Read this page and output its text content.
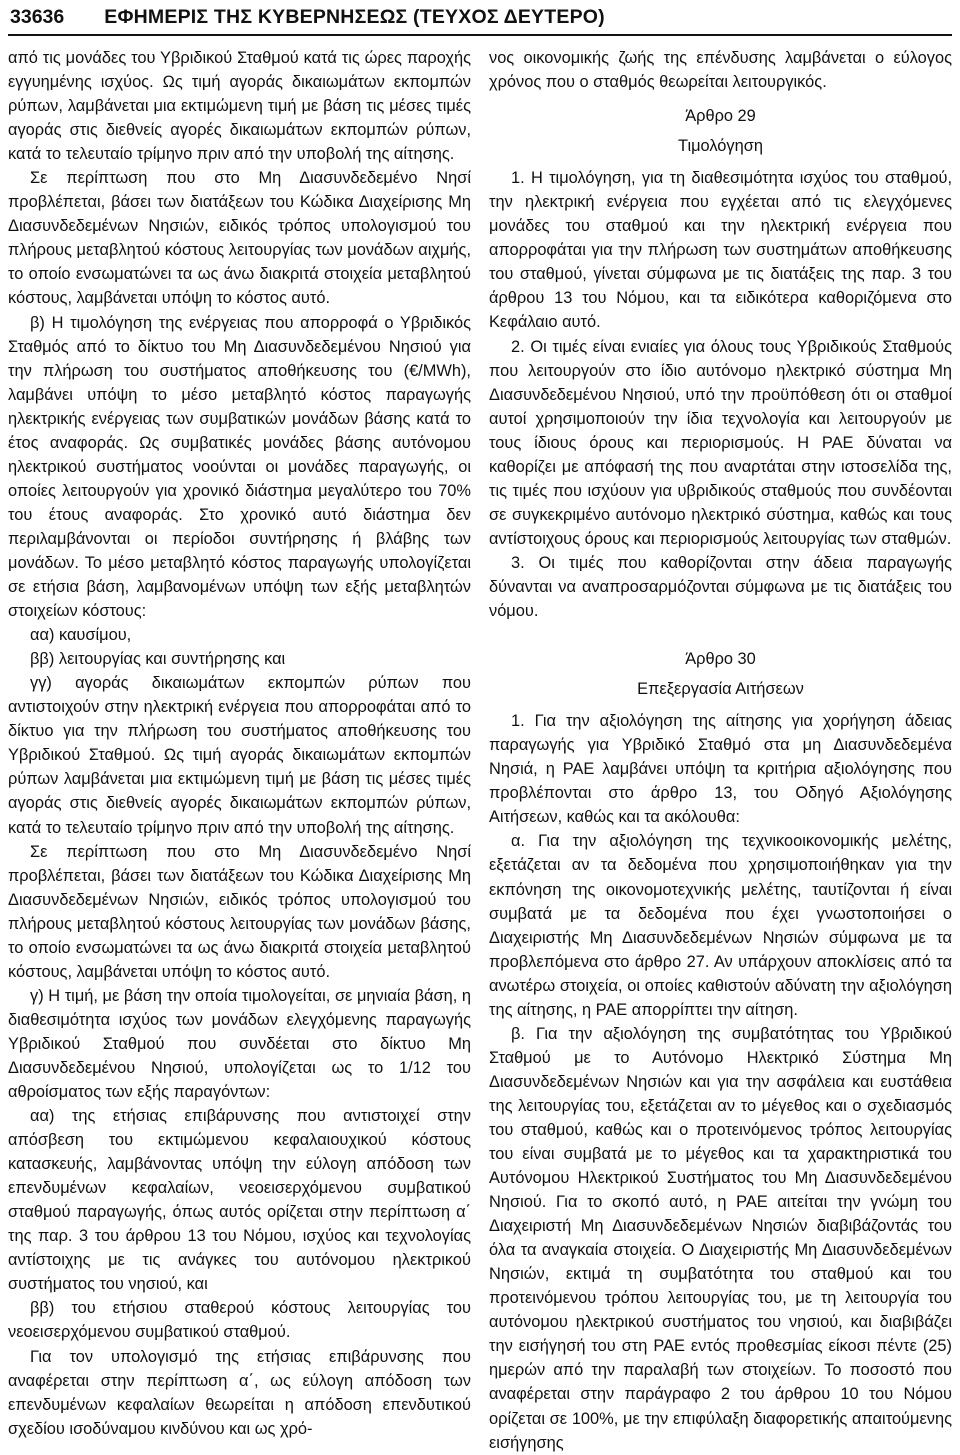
33636 ΕΦΗΜΕΡΙΣ ΤΗΣ ΚΥΒΕΡΝΗΣΕΩΣ (ΤΕΥΧΟΣ ΔΕΥΤΕΡΟ)

από τις μονάδες του Υβριδικού Σταθμού κατά τις ώρες παροχής εγγυημένης ισχύος. Ως τιμή αγοράς δικαιωμάτων εκπομπών ρύπων, λαμβάνεται μια εκτιμώμενη τιμή με βάση τις μέσες τιμές αγοράς στις διεθνείς αγορές δικαιωμάτων εκπομπών ρύπων, κατά το τελευταίο τρίμηνο πριν από την υποβολή της αίτησης.

Σε περίπτωση που στο Μη Διασυνδεδεμένο Νησί προβλέπεται, βάσει των διατάξεων του Κώδικα Διαχείρισης Μη Διασυνδεδεμένων Νησιών, ειδικός τρόπος υπολογισμού του πλήρους μεταβλητού κόστους λειτουργίας των μονάδων αιχμής, το οποίο ενσωματώνει τα ως άνω διακριτά στοιχεία μεταβλητού κόστους, λαμβάνεται υπόψη το κόστος αυτό.

β) Η τιμολόγηση της ενέργειας που απορροφά ο Υβριδικός Σταθμός από το δίκτυο του Μη Διασυνδεδεμένου Νησιού για την πλήρωση του συστήματος αποθήκευσης του (€/MWh), λαμβάνει υπόψη το μέσο μεταβλητό κόστος παραγωγής ηλεκτρικής ενέργειας των συμβατικών μονάδων βάσης κατά το έτος αναφοράς. Ως συμβατικές μονάδες βάσης αυτόνομου ηλεκτρικού συστήματος νοούνται οι μονάδες παραγωγής, οι οποίες λειτουργούν για χρονικό διάστημα μεγαλύτερο του 70% του έτους αναφοράς. Στο χρονικό αυτό διάστημα δεν περιλαμβάνονται οι περίοδοι συντήρησης ή βλάβης των μονάδων. Το μέσο μεταβλητό κόστος παραγωγής υπολογίζεται σε ετήσια βάση, λαμβανομένων υπόψη των εξής μεταβλητών στοιχείων κόστους:

αα) καυσίμου,

ββ) λειτουργίας και συντήρησης και

γγ) αγοράς δικαιωμάτων εκπομπών ρύπων που αντιστοιχούν στην ηλεκτρική ενέργεια που απορροφάται από το δίκτυο για την πλήρωση του συστήματος αποθήκευσης του Υβριδικού Σταθμού. Ως τιμή αγοράς δικαιωμάτων εκπομπών ρύπων λαμβάνεται μια εκτιμώμενη τιμή με βάση τις μέσες τιμές αγοράς στις διεθνείς αγορές δικαιωμάτων εκπομπών ρύπων, κατά το τελευταίο τρίμηνο πριν από την υποβολή της αίτησης.

Σε περίπτωση που στο Μη Διασυνδεδεμένο Νησί προβλέπεται, βάσει των διατάξεων του Κώδικα Διαχείρισης Μη Διασυνδεδεμένων Νησιών, ειδικός τρόπος υπολογισμού του πλήρους μεταβλητού κόστους λειτουργίας των μονάδων βάσης, το οποίο ενσωματώνει τα ως άνω διακριτά στοιχεία μεταβλητού κόστους, λαμβάνεται υπόψη το κόστος αυτό.

γ) Η τιμή, με βάση την οποία τιμολογείται, σε μηνιαία βάση, η διαθεσιμότητα ισχύος των μονάδων ελεγχόμενης παραγωγής Υβριδικού Σταθμού που συνδέεται στο δίκτυο Μη Διασυνδεδεμένου Νησιού, υπολογίζεται ως το 1/12 του αθροίσματος των εξής παραγόντων:

αα) της ετήσιας επιβάρυνσης που αντιστοιχεί στην απόσβεση του εκτιμώμενου κεφαλαιουχικού κόστους κατασκευής, λαμβάνοντας υπόψη την εύλογη απόδοση των επενδυμένων κεφαλαίων, νεοεισερχόμενου συμβατικού σταθμού παραγωγής, όπως αυτός ορίζεται στην περίπτωση α΄ της παρ. 3 του άρθρου 13 του Νόμου, ισχύος και τεχνολογίας αντίστοιχης με τις ανάγκες του αυτόνομου ηλεκτρικού συστήματος του νησιού, και

ββ) του ετήσιου σταθερού κόστους λειτουργίας του νεοεισερχόμενου συμβατικού σταθμού.

Για τον υπολογισμό της ετήσιας επιβάρυνσης που αναφέρεται στην περίπτωση α΄, ως εύλογη απόδοση των επενδυμένων κεφαλαίων θεωρείται η απόδοση επενδυτικού σχεδίου ισοδύναμου κινδύνου και ως χρό-

νος οικονομικής ζωής της επένδυσης λαμβάνεται ο εύλογος χρόνος που ο σταθμός θεωρείται λειτουργικός.

Άρθρο 29

Τιμολόγηση

1. Η τιμολόγηση, για τη διαθεσιμότητα ισχύος του σταθμού, την ηλεκτρική ενέργεια που εγχέεται από τις ελεγχόμενες μονάδες του σταθμού και την ηλεκτρική ενέργεια που απορροφάται για την πλήρωση των συστημάτων αποθήκευσης του σταθμού, γίνεται σύμφωνα με τις διατάξεις της παρ. 3 του άρθρου 13 του Νόμου, και τα ειδικότερα καθοριζόμενα στο Κεφάλαιο αυτό.

2. Οι τιμές είναι ενιαίες για όλους τους Υβριδικούς Σταθμούς που λειτουργούν στο ίδιο αυτόνομο ηλεκτρικό σύστημα Μη Διασυνδεδεμένου Νησιού, υπό την προϋπόθεση ότι οι σταθμοί αυτοί χρησιμοποιούν την ίδια τεχνολογία και λειτουργούν με τους ίδιους όρους και περιορισμούς. Η ΡΑΕ δύναται να καθορίζει με απόφασή της που αναρτάται στην ιστοσελίδα της, τις τιμές που ισχύουν για υβριδικούς σταθμούς που συνδέονται σε συγκεκριμένο αυτόνομο ηλεκτρικό σύστημα, καθώς και τους αντίστοιχους όρους και περιορισμούς λειτουργίας των σταθμών.

3. Οι τιμές που καθορίζονται στην άδεια παραγωγής δύνανται να αναπροσαρμόζονται σύμφωνα με τις διατάξεις του νόμου.

Άρθρο 30

Επεξεργασία Αιτήσεων

1. Για την αξιολόγηση της αίτησης για χορήγηση άδειας παραγωγής για Υβριδικό Σταθμό στα μη Διασυνδεδεμένα Νησιά, η ΡΑΕ λαμβάνει υπόψη τα κριτήρια αξιολόγησης που προβλέπονται στο άρθρο 13, του Οδηγό Αξιολόγησης Αιτήσεων, καθώς και τα ακόλουθα:

α. Για την αξιολόγηση της τεχνικοοικονομικής μελέτης, εξετάζεται αν τα δεδομένα που χρησιμοποιήθηκαν για την εκπόνηση της οικονομοτεχνικής μελέτης, ταυτίζονται ή είναι συμβατά με τα δεδομένα που έχει γνωστοποιήσει ο Διαχειριστής Μη Διασυνδεδεμένων Νησιών σύμφωνα με τα προβλεπόμενα στο άρθρο 27. Αν υπάρχουν αποκλίσεις από τα ανωτέρω στοιχεία, οι οποίες καθιστούν αδύνατη την αξιολόγηση της αίτησης, η ΡΑΕ απορρίπτει την αίτηση.

β. Για την αξιολόγηση της συμβατότητας του Υβριδικού Σταθμού με το Αυτόνομο Ηλεκτρικό Σύστημα Μη Διασυνδεδεμένων Νησιών και για την ασφάλεια και ευστάθεια της λειτουργίας του, εξετάζεται αν το μέγεθος και ο σχεδιασμός του σταθμού, καθώς και ο προτεινόμενος τρόπος λειτουργίας του είναι συμβατά με το μέγεθος και τα χαρακτηριστικά του Αυτόνομου Ηλεκτρικού Συστήματος του Μη Διασυνδεδεμένου Νησιού. Για το σκοπό αυτό, η ΡΑΕ αιτείται την γνώμη του Διαχειριστή Μη Διασυνδεδεμένων Νησιών διαβιβάζοντάς του όλα τα αναγκαία στοιχεία. Ο Διαχειριστής Μη Διασυνδεδεμένων Νησιών, εκτιμά τη συμβατότητα του σταθμού και του προτεινόμενου τρόπου λειτουργίας του, με τη λειτουργία του αυτόνομου ηλεκτρικού συστήματος του νησιού, και διαβιβάζει την εισήγησή του στη ΡΑΕ εντός προθεσμίας είκοσι πέντε (25) ημερών από την παραλαβή των στοιχείων. Το ποσοστό που αναφέρεται στην παράγραφο 2 του άρθρου 10 του Νόμου ορίζεται σε 100%, με την επιφύλαξη διαφορετικής απαιτούμενης εισήγησης
